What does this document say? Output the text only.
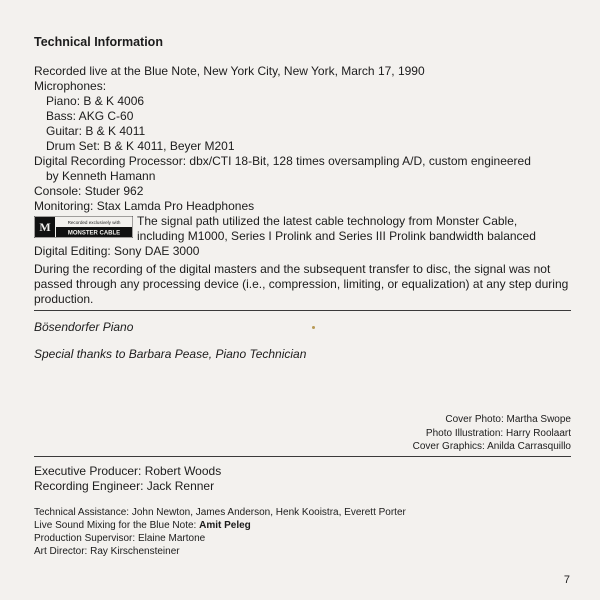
Technical Information
Recorded live at the Blue Note, New York City, New York, March 17, 1990
Microphones:
Piano: B & K 4006
Bass: AKG C-60
Guitar: B & K 4011
Drum Set: B & K 4011, Beyer M201
Digital Recording Processor: dbx/CTI 18-Bit, 128 times oversampling A/D, custom engineered
by Kenneth Hamann
Console: Studer 962
Monitoring: Stax Lamda Pro Headphones
M	Recorded exclusively with
MONSTER CABLE
The signal path utilized the latest cable technology from Monster Cable,
including M1000, Series I Prolink and Series III Prolink bandwidth balanced
Digital Editing: Sony DAE 3000
During the recording of the digital masters and the subsequent transfer to disc, the signal was not passed through any processing device (i.e., compression, limiting, or equalization) at any step during production.
Bösendorfer Piano
Special thanks to Barbara Pease, Piano Technician
Cover Photo: Martha Swope
Photo Illustration: Harry Roolaart
Cover Graphics: Anilda Carrasquillo
Executive Producer: Robert Woods
Recording Engineer: Jack Renner
Technical Assistance: John Newton, James Anderson, Henk Kooistra, Everett Porter
Live Sound Mixing for the Blue Note: Amit Peleg
Production Supervisor: Elaine Martone
Art Director: Ray Kirschensteiner
7
